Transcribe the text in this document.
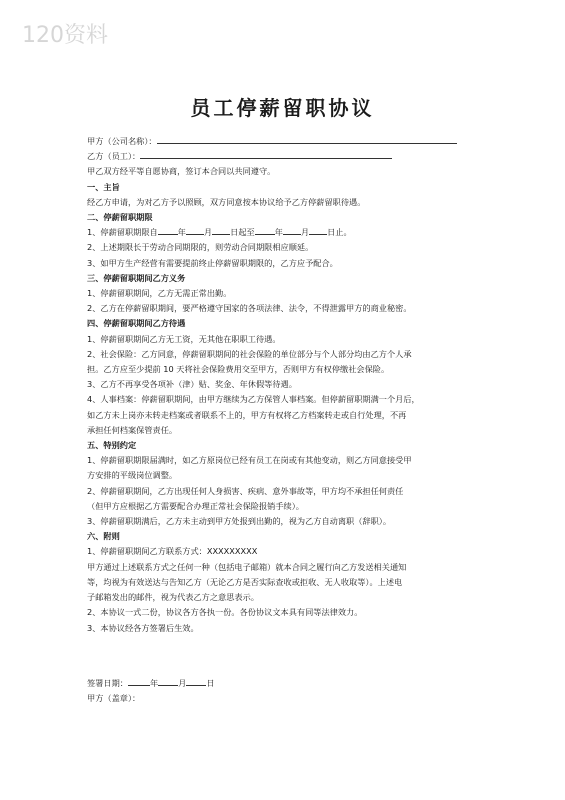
120资料
员工停薪留职协议

甲方（公司名称）：

乙方（员工）：

甲乙双方经平等自愿协商，签订本合同以共同遵守。

一、主旨

经乙方申请，为对乙方予以照顾，双方同意按本协议给予乙方停薪留职待遇。

二、停薪留职期限

1、停薪留职期限自 年 月 日起至 年 月 日止。

2、上述期限长于劳动合同期限的，则劳动合同期限相应顺延。

3、如甲方生产经营有需要提前终止停薪留职期限的，乙方应予配合。

三、停薪留职期间乙方义务

1、停薪留职期间，乙方无需正常出勤。

2、乙方在停薪留职期间，要严格遵守国家的各项法律、法令，不得泄露甲方的商业秘密。

四、停薪留职期间乙方待遇

1、停薪留职期间乙方无工资，无其他在职职工待遇。

2、社会保险：乙方同意，停薪留职期间的社会保险的单位部分与个人部分均由乙方个人承

担。乙方应至少提前 10 天将社会保险费用交至甲方，否则甲方有权停缴社会保险。

3、乙方不再享受各项补（津）贴、奖金、年休假等待遇。

4、人事档案：停薪留职期间，由甲方继续为乙方保管人事档案。但停薪留职期满一个月后，

如乙方未上岗亦未转走档案或者联系不上的，甲方有权将乙方档案转走或自行处理，不再

承担任何档案保管责任。

五、特别约定

1、停薪留职期限届满时，如乙方原岗位已经有员工在岗或有其他变动，则乙方同意接受甲

方安排的平级岗位调整。

2、停薪留职期间，乙方出现任何人身损害、疾病、意外事故等，甲方均不承担任何责任

（但甲方应根据乙方需要配合办理正常社会保险报销手续）。

3、停薪留职期满后，乙方未主动到甲方处报到出勤的，视为乙方自动离职（辞职）。

六、附则

1、停薪留职期间乙方联系方式：XXXXXXXXX

甲方通过上述联系方式之任何一种（包括电子邮箱）就本合同之履行向乙方发送相关通知

等，均视为有效送达与告知乙方（无论乙方是否实际查收或拒收、无人收取等）。上述电

子邮箱发出的邮件，视为代表乙方之意思表示。

2、本协议一式二份，协议各方各执一份。各份协议文本具有同等法律效力。

3、本协议经各方签署后生效。

签署日期：	年 月 日

甲方（盖章）：
